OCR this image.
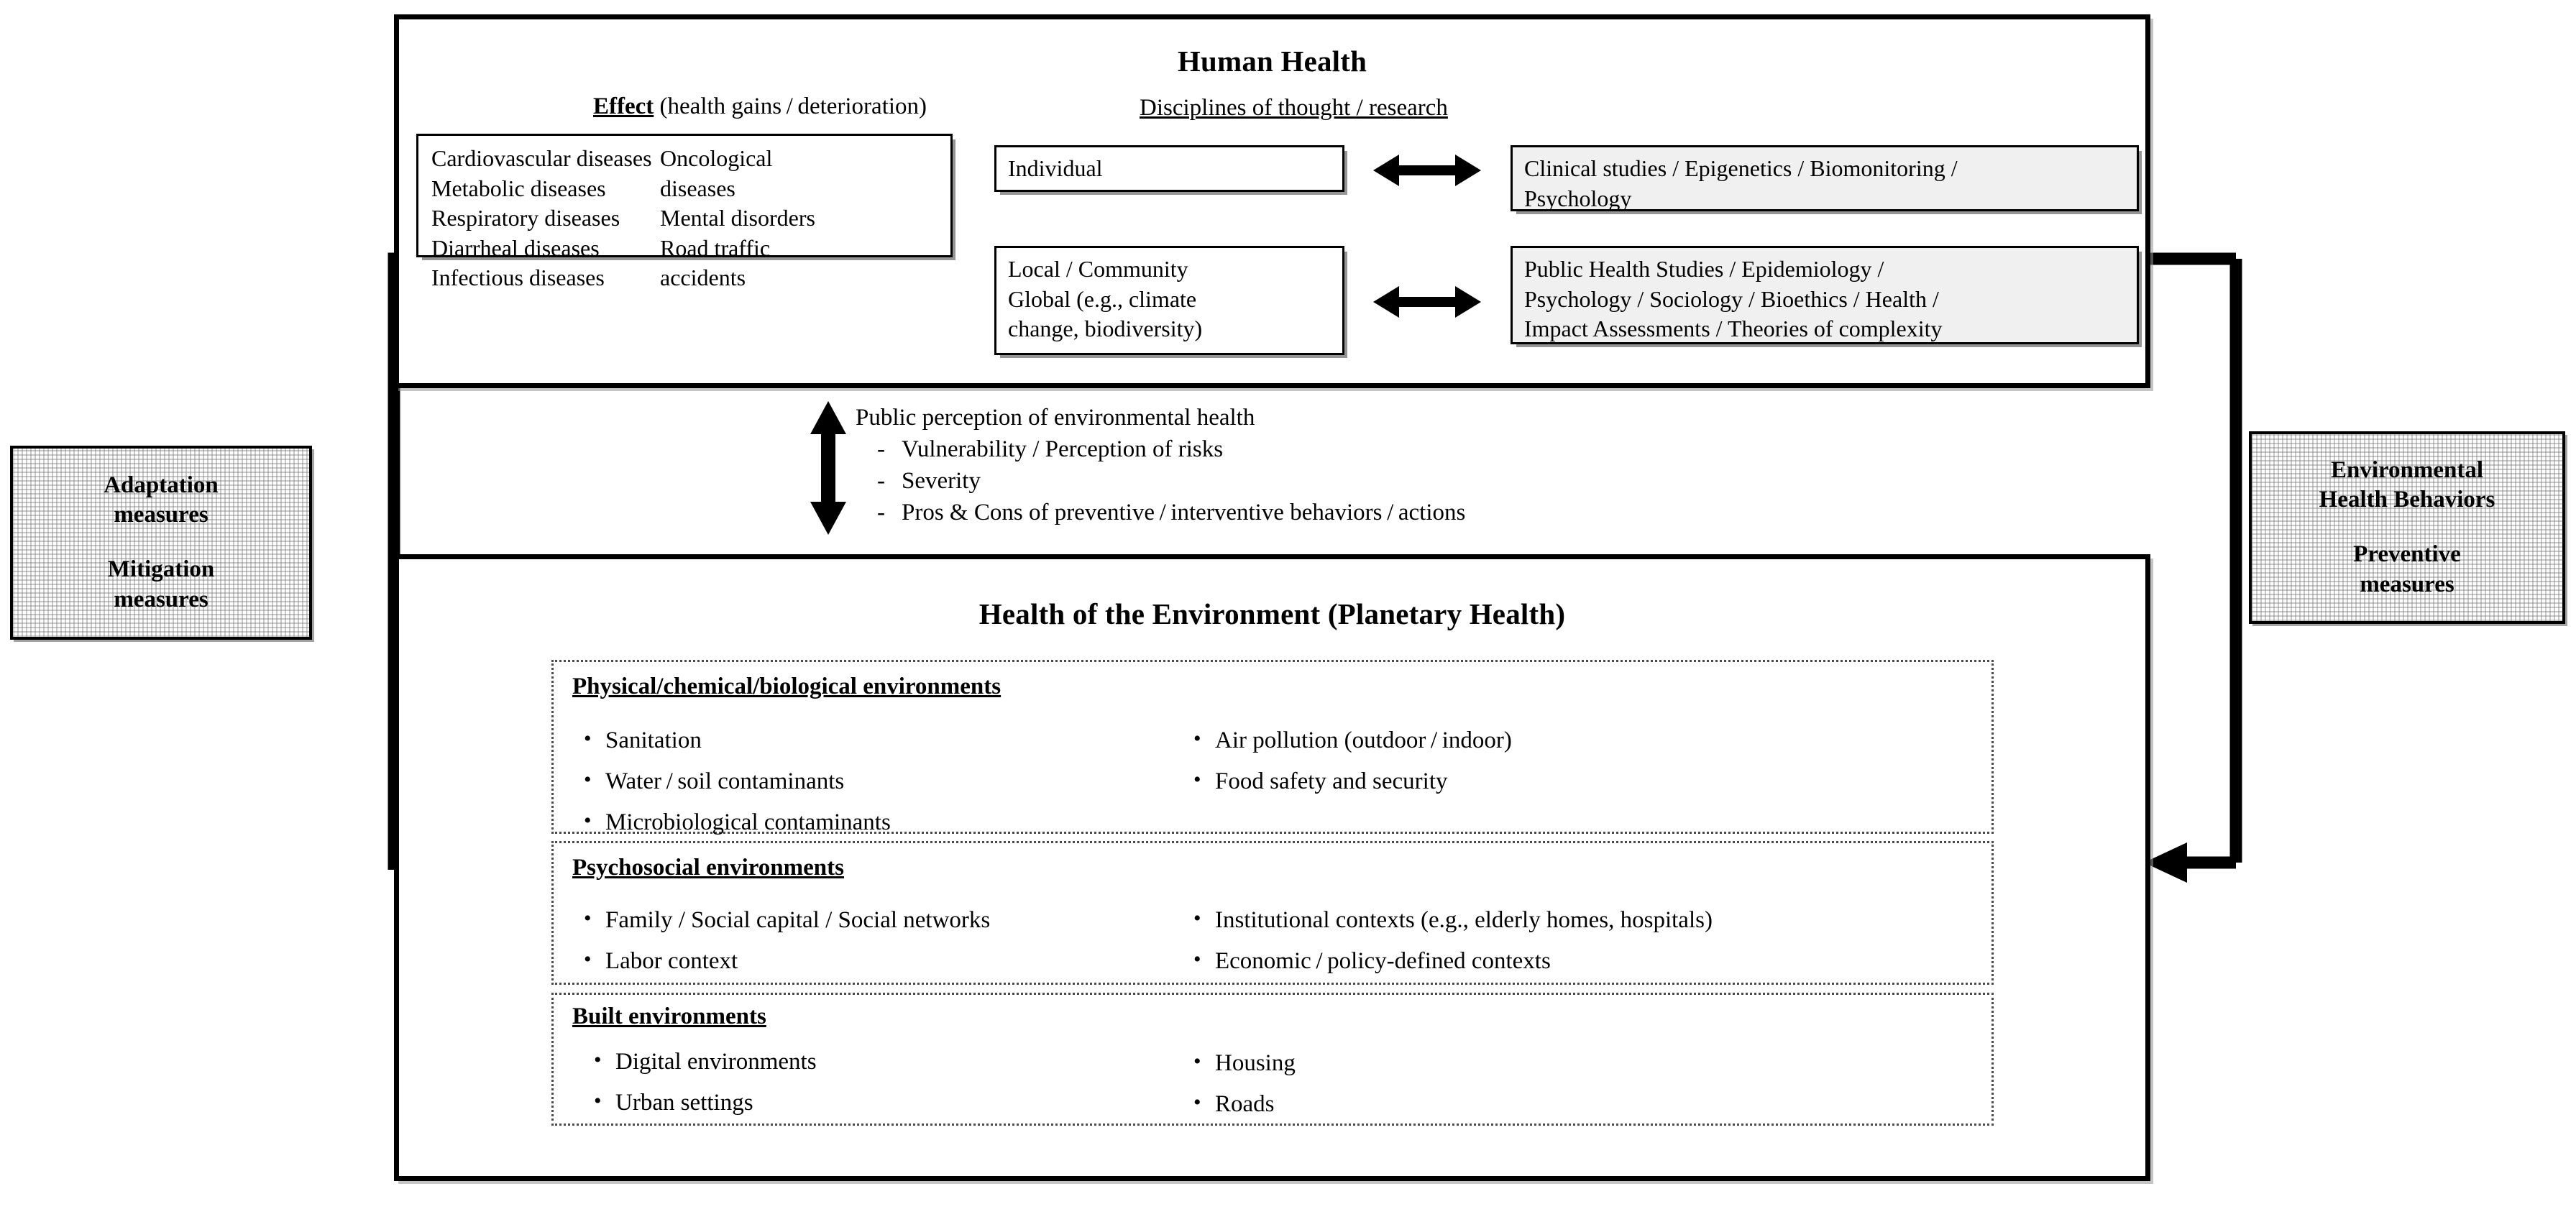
Human Health
Effect (health gains / deterioration)	Disciplines of thought / research
Cardiovascular diseases Oncological
Metabolic diseases	diseases
Respiratory diseases	Mental disorders
Diarrheal diseases	Road traffic
Infectious diseases	accidents
Individual
Local / Community
Global (e.g., climate
change, biodiversity)
Clinical studies / Epigenetics / Biomonitoring /
Psychology
Public Health Studies / Epidemiology /
Psychology / Sociology / Bioethics / Health /
Impact Assessments / Theories of complexity
Public perception of environmental health
- Vulnerability / Perception of risks
- Severity
- Pros & Cons of preventive / interventive behaviors / actions
Health of the Environment (Planetary Health)
Physical/chemical/biological environments
• Sanitation
• Water / soil contaminants
• Microbiological contaminants
• Air pollution (outdoor / indoor)
• Food safety and security
Psychosocial environments
• Family / Social capital / Social networks
• Labor context
• Institutional contexts (e.g., elderly homes, hospitals)
• Economic / policy-defined contexts
Built environments
• Digital environments
• Urban settings
• Housing
• Roads
Adaptation
measures
Mitigation
measures
Environmental
Health Behaviors
Preventive
measures
